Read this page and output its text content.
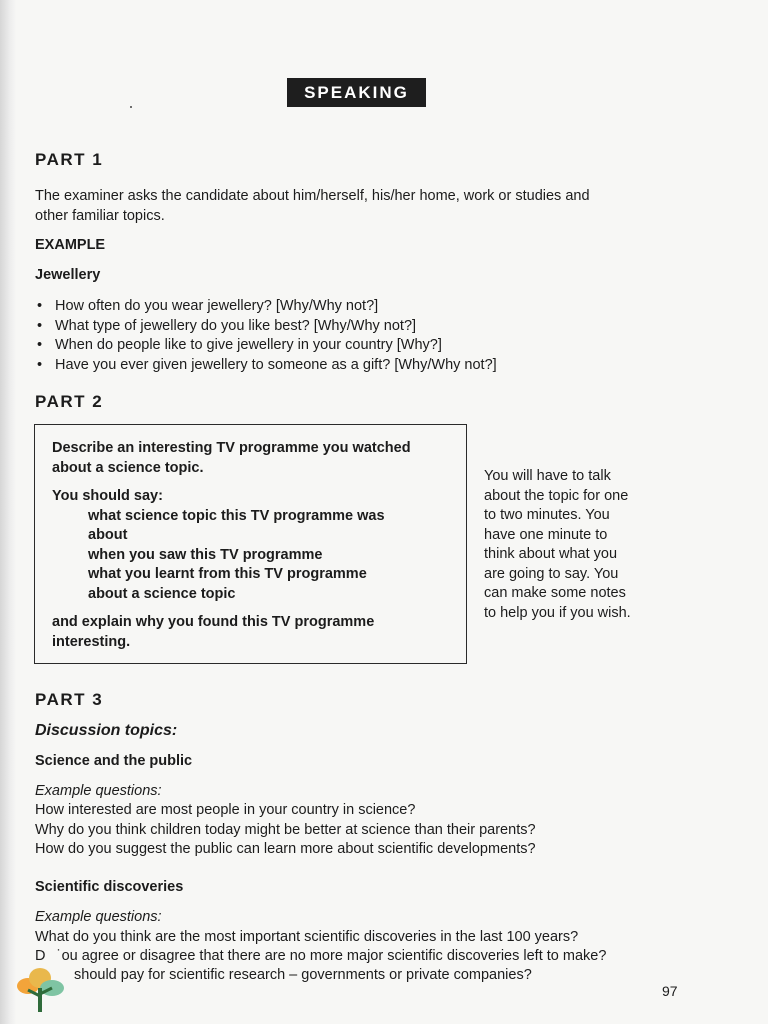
SPEAKING
PART 1
The examiner asks the candidate about him/herself, his/her home, work or studies and
other familiar topics.
EXAMPLE
Jewellery
• How often do you wear jewellery? [Why/Why not?]
• What type of jewellery do you like best? [Why/Why not?]
• When do people like to give jewellery in your country [Why?]
• Have you ever given jewellery to someone as a gift? [Why/Why not?]
PART 2
Describe an interesting TV programme you watched
about a science topic.
You should say:
what science topic this TV programme was
about
when you saw this TV programme
what you learnt from this TV programme
about a science topic
and explain why you found this TV programme
interesting.
You will have to talk
about the topic for one
to two minutes. You
have one minute to
think about what you
are going to say. You
can make some notes
to help you if you wish.
PART 3
Discussion topics:
Science and the public
Example questions:
How interested are most people in your country in science?
Why do you think children today might be better at science than their parents?
How do you suggest the public can learn more about scientific developments?
Scientific discoveries
Example questions:
What do you think are the most important scientific discoveries in the last 100 years?
D  ˙ou agree or disagree that there are no more major scientific discoveries left to make?
should pay for scientific research – governments or private companies?
97
